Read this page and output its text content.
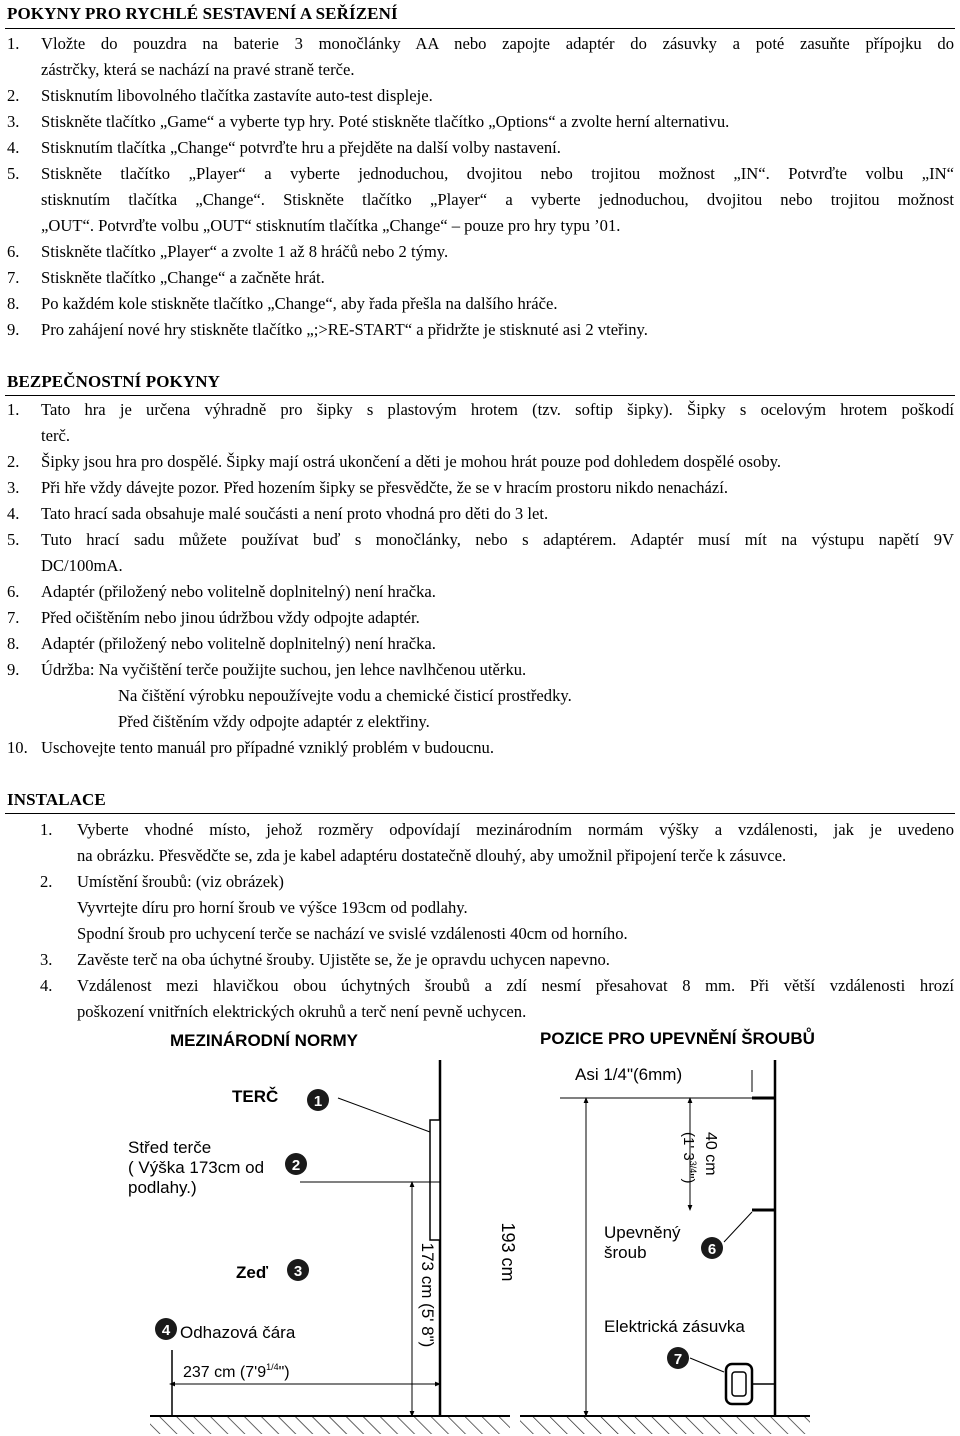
POKYNY PRO RYCHLÉ SESTAVENÍ A SEŘÍZENÍ
1. Vložte do pouzdra na baterie 3 monočlánky AA nebo zapojte adaptér do zásuvky a poté zasuňte přípojku do
zástrčky, která se nachází na pravé straně terče.
2. Stisknutím libovolného tlačítka zastavíte auto-test displeje.
3. Stiskněte tlačítko „Game“ a vyberte typ hry. Poté stiskněte tlačítko „Options“ a zvolte herní alternativu.
4. Stisknutím tlačítka „Change“ potvrďte hru a přejděte na další volby nastavení.
5. Stiskněte tlačítko „Player“ a vyberte jednoduchou, dvojitou nebo trojitou možnost „IN“. Potvrďte volbu „IN“
stisknutím tlačítka „Change“. Stiskněte tlačítko „Player“ a vyberte jednoduchou, dvojitou nebo trojitou možnost
„OUT“. Potvrďte volbu „OUT“ stisknutím tlačítka „Change“ – pouze pro hry typu ’01.
6. Stiskněte tlačítko „Player“ a zvolte 1 až 8 hráčů nebo 2 týmy.
7. Stiskněte tlačítko „Change“ a začněte hrát.
8. Po každém kole stiskněte tlačítko „Change“, aby řada přešla na dalšího hráče.
9. Pro zahájení nové hry stiskněte tlačítko „;>RE-START“ a přidržte je stisknuté asi 2 vteřiny.
BEZPEČNOSTNÍ POKYNY
1. Tato hra je určena výhradně pro šipky s plastovým hrotem (tzv. softip šipky). Šipky s ocelovým hrotem poškodí
terč.
2. Šipky jsou hra pro dospělé. Šipky mají ostrá ukončení a děti je mohou hrát pouze pod dohledem dospělé osoby.
3. Při hře vždy dávejte pozor. Před hozením šipky se přesvědčte, že se v hracím prostoru nikdo nenachází.
4. Tato hrací sada obsahuje malé součásti a není proto vhodná pro děti do 3 let.
5. Tuto hrací sadu můžete používat buď s monočlánky, nebo s adaptérem. Adaptér musí mít na výstupu napětí 9V
DC/100mA.
6. Adaptér (přiložený nebo volitelně doplnitelný) není hračka.
7. Před očištěním nebo jinou údržbou vždy odpojte adaptér.
8. Adaptér (přiložený nebo volitelně doplnitelný) není hračka.
9. Údržba: Na vyčištění terče použijte suchou, jen lehce navlhčenou utěrku.
Na čištění výrobku nepoužívejte vodu a chemické čisticí prostředky.
Před čištěním vždy odpojte adaptér z elektřiny.
10. Uschovejte tento manuál pro případné vzniklý problém v budoucnu.
INSTALACE
1. Vyberte vhodné místo, jehož rozměry odpovídají mezinárodním normám výšky a vzdálenosti, jak je uvedeno
na obrázku. Přesvědčte se, zda je kabel adaptéru dostatečně dlouhý, aby umožnil připojení terče k zásuvce.
2. Umístění šroubů: (viz obrázek)
Vyvrtejte díru pro horní šroub ve výšce 193cm od podlahy.
Spodní šroub pro uchycení terče se nachází ve svislé vzdálenosti 40cm od horního.
3. Zavěste terč na oba úchytné šrouby. Ujistěte se, že je opravdu uchycen napevno.
4. Vzdálenost mezi hlavičkou obou úchytných šroubů a zdí nesmí přesahovat 8 mm. Při větší vzdálenosti hrozí
poškození vnitřních elektrických okruhů a terč není pevně uchycen.
MEZINÁRODNÍ NORMY
173 cm (5' 8")
237 cm $(7'9^{1/4}")$
TERČ
Střed terče
( Výška 173cm od
podlahy.)
Zeď
Odhazová čára
1
2
3
4
POZICE PRO UPEVNĚNÍ ŠROUBŮ
Asi 1/4"(6mm)
40 cm
(1' $3^{3/4}$")
193 cm	Upevněný
šroub
Elektrická zásuvka
6
7
